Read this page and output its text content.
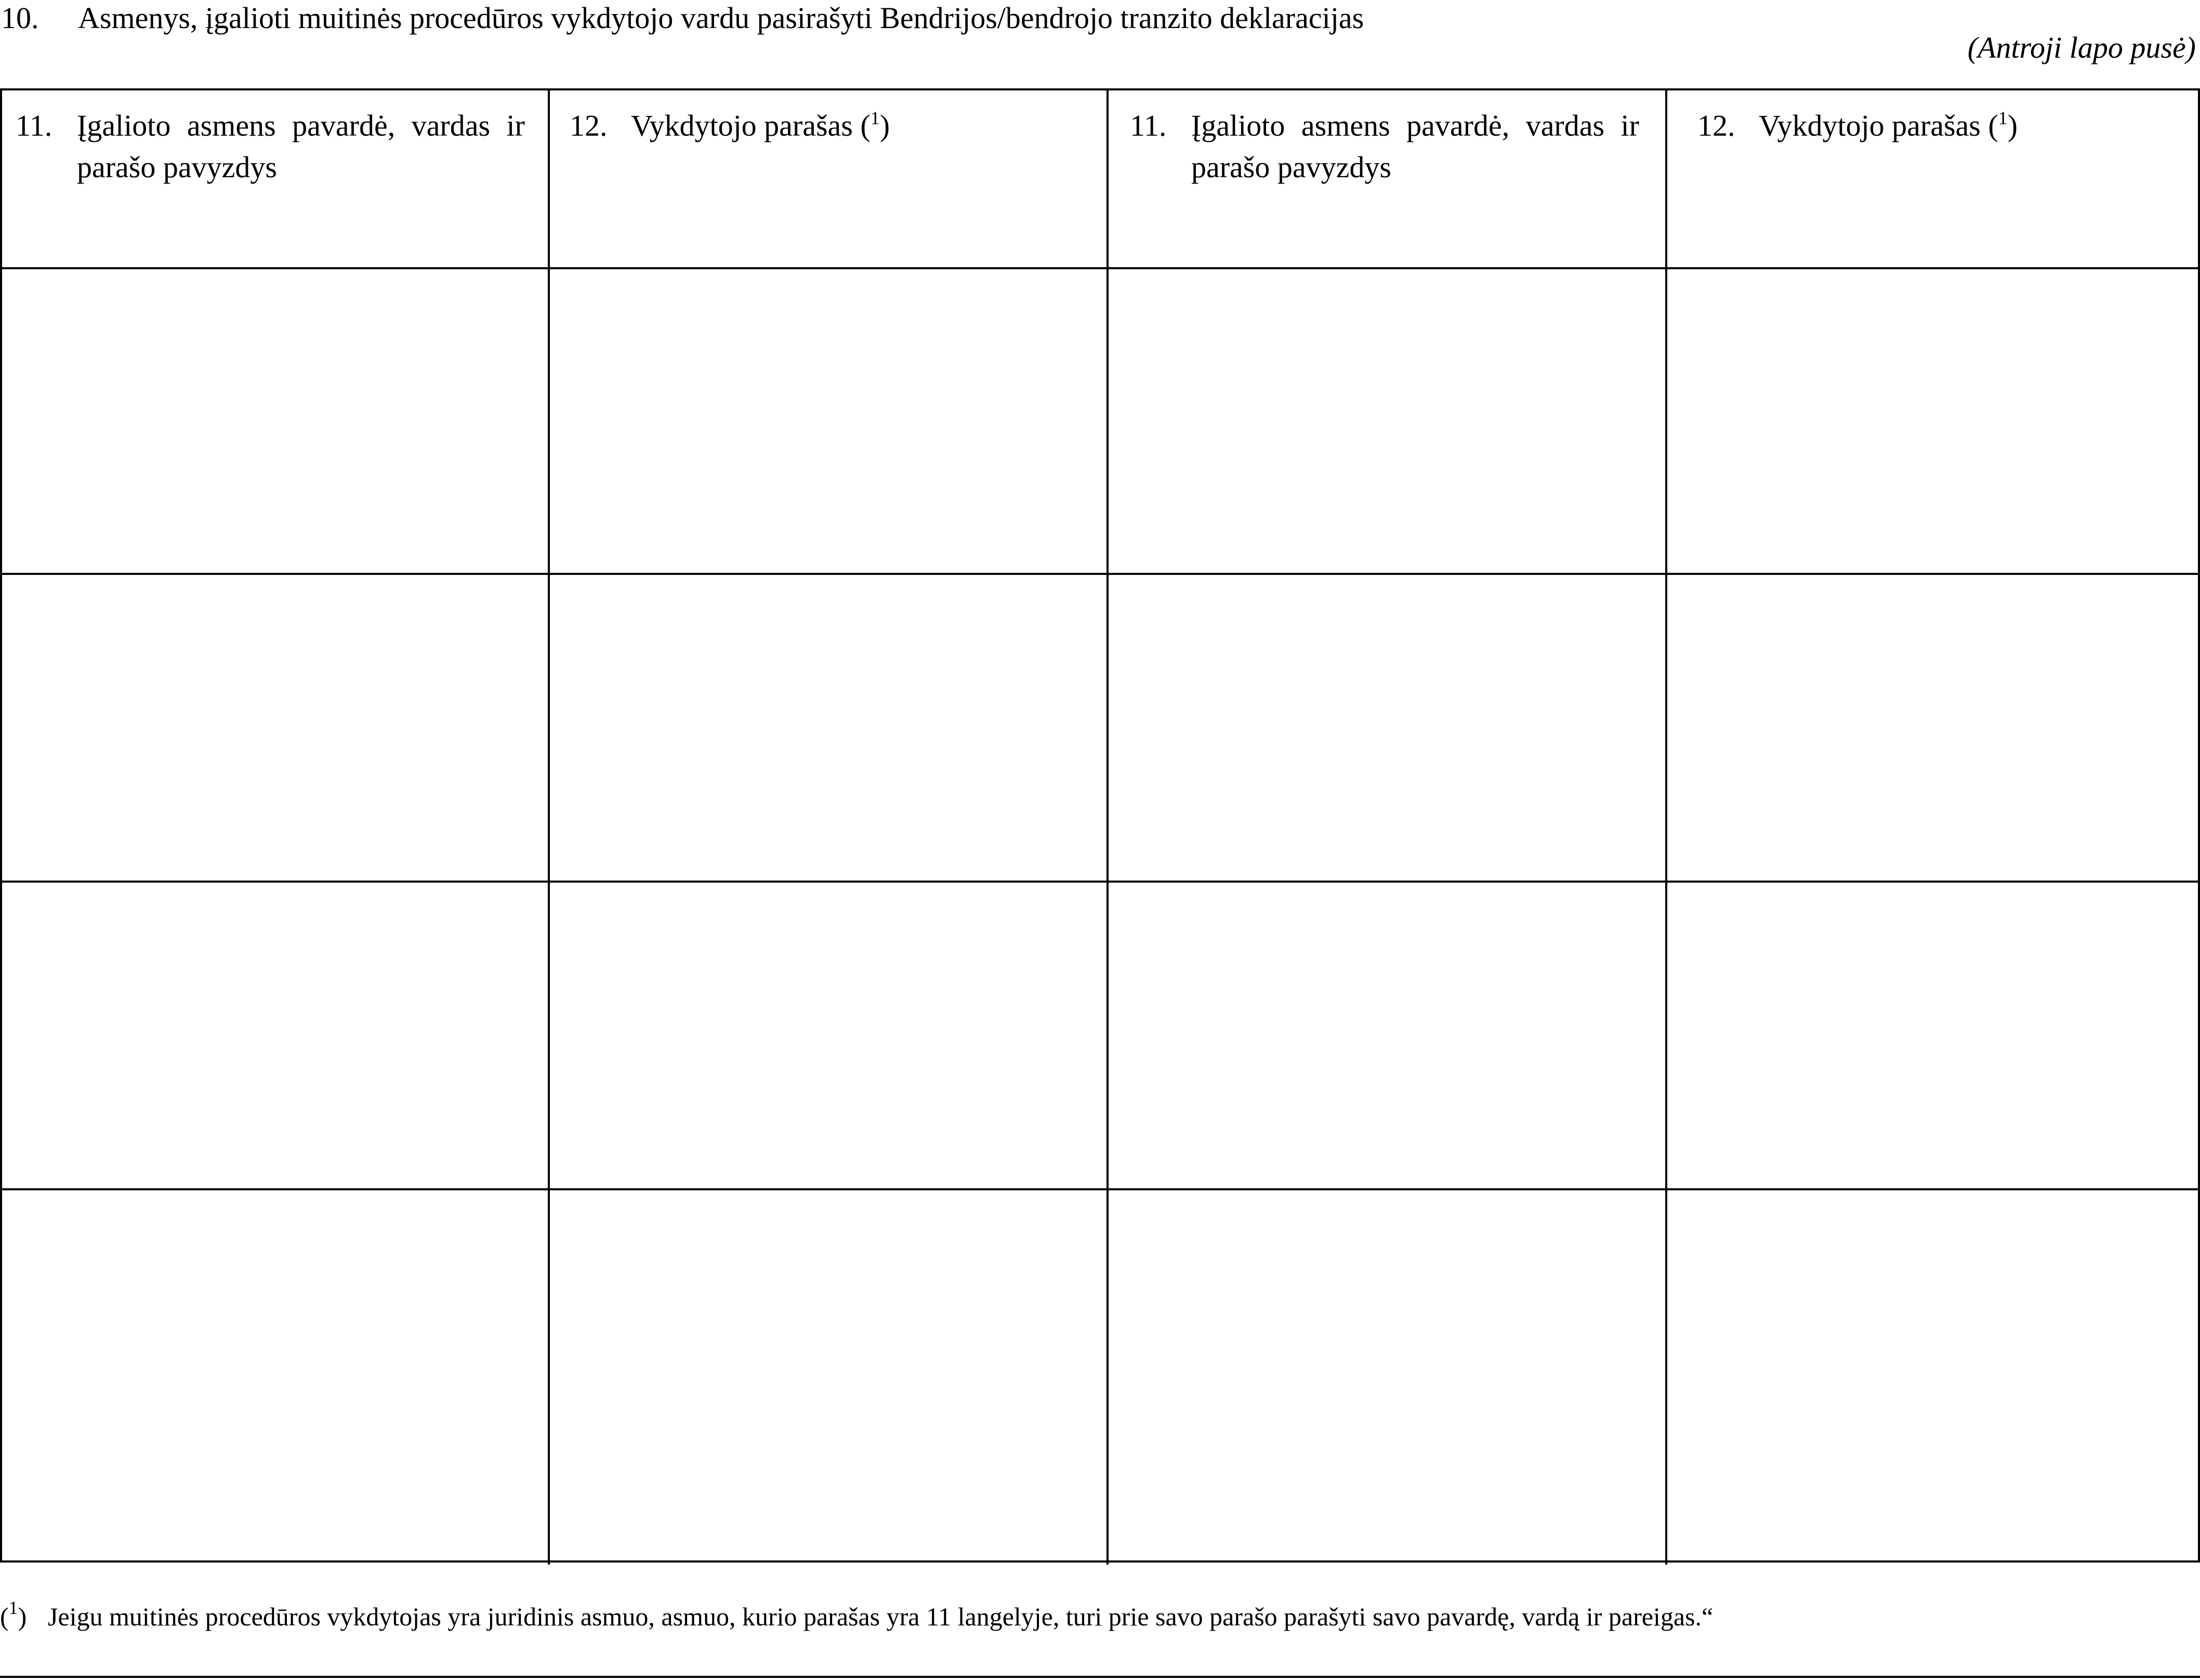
10. Asmenys, įgalioti muitinės procedūros vykdytojo vardu pasirašyti Bendrijos/bendrojo tranzito deklaracijas
(Antroji lapo pusė)
11. Įgalioto asmens pavardė, vardas ir parašo pavyzdys
12. Vykdytojo parašas ($^1$)	11. Įgalioto asmens pavardė, vardas ir parašo pavyzdys
12. Vykdytojo parašas ($^1$)
($^1$) Jeigu muitinės procedūros vykdytojas yra juridinis asmuo, asmuo, kurio parašas yra 11 langelyje, turi prie savo parašo parašyti savo pavardę, vardą ir pareigas.“
